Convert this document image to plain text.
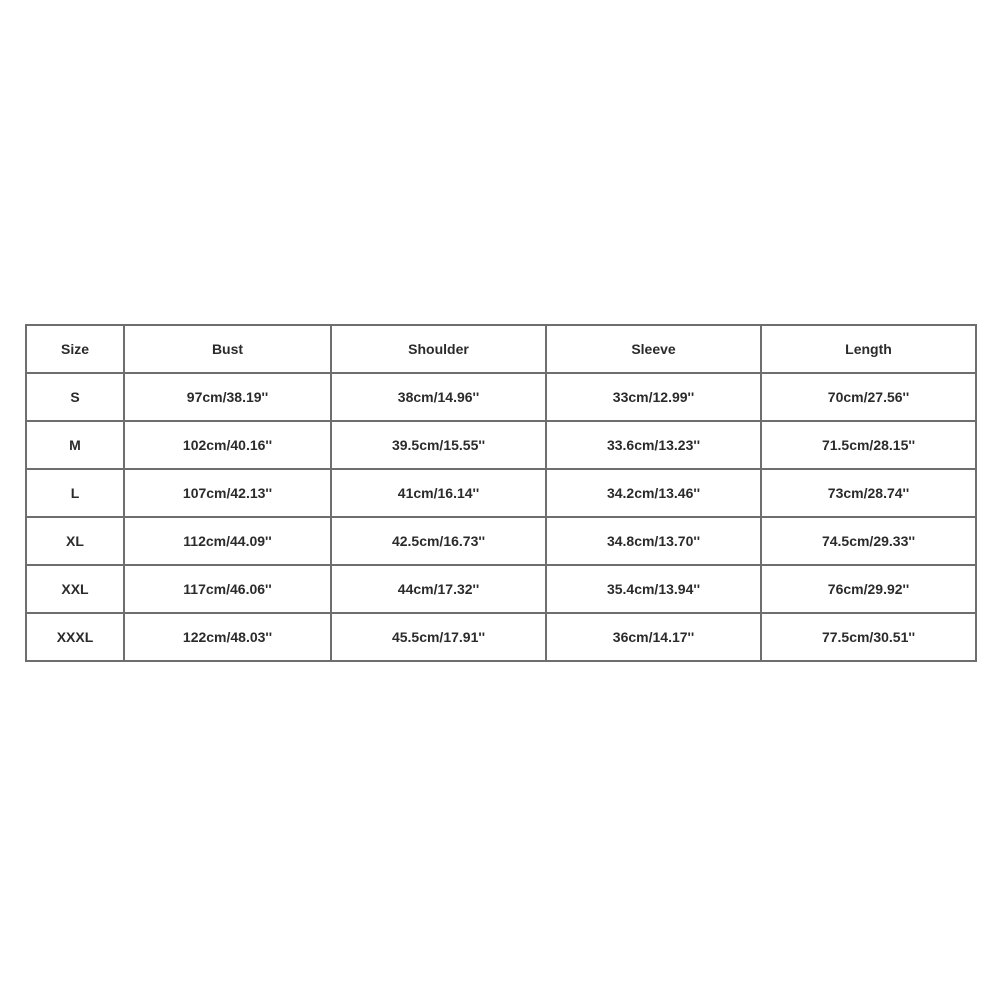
Size	Bust	Shoulder	Sleeve	Length
S	97cm/38.19''	38cm/14.96''	33cm/12.99''	70cm/27.56''
M	102cm/40.16''	39.5cm/15.55''	33.6cm/13.23''	71.5cm/28.15''
L	107cm/42.13''	41cm/16.14''	34.2cm/13.46''	73cm/28.74''
XL	112cm/44.09''	42.5cm/16.73''	34.8cm/13.70''	74.5cm/29.33''
XXL	117cm/46.06''	44cm/17.32''	35.4cm/13.94''	76cm/29.92''
XXXL	122cm/48.03''	45.5cm/17.91''	36cm/14.17''	77.5cm/30.51''
